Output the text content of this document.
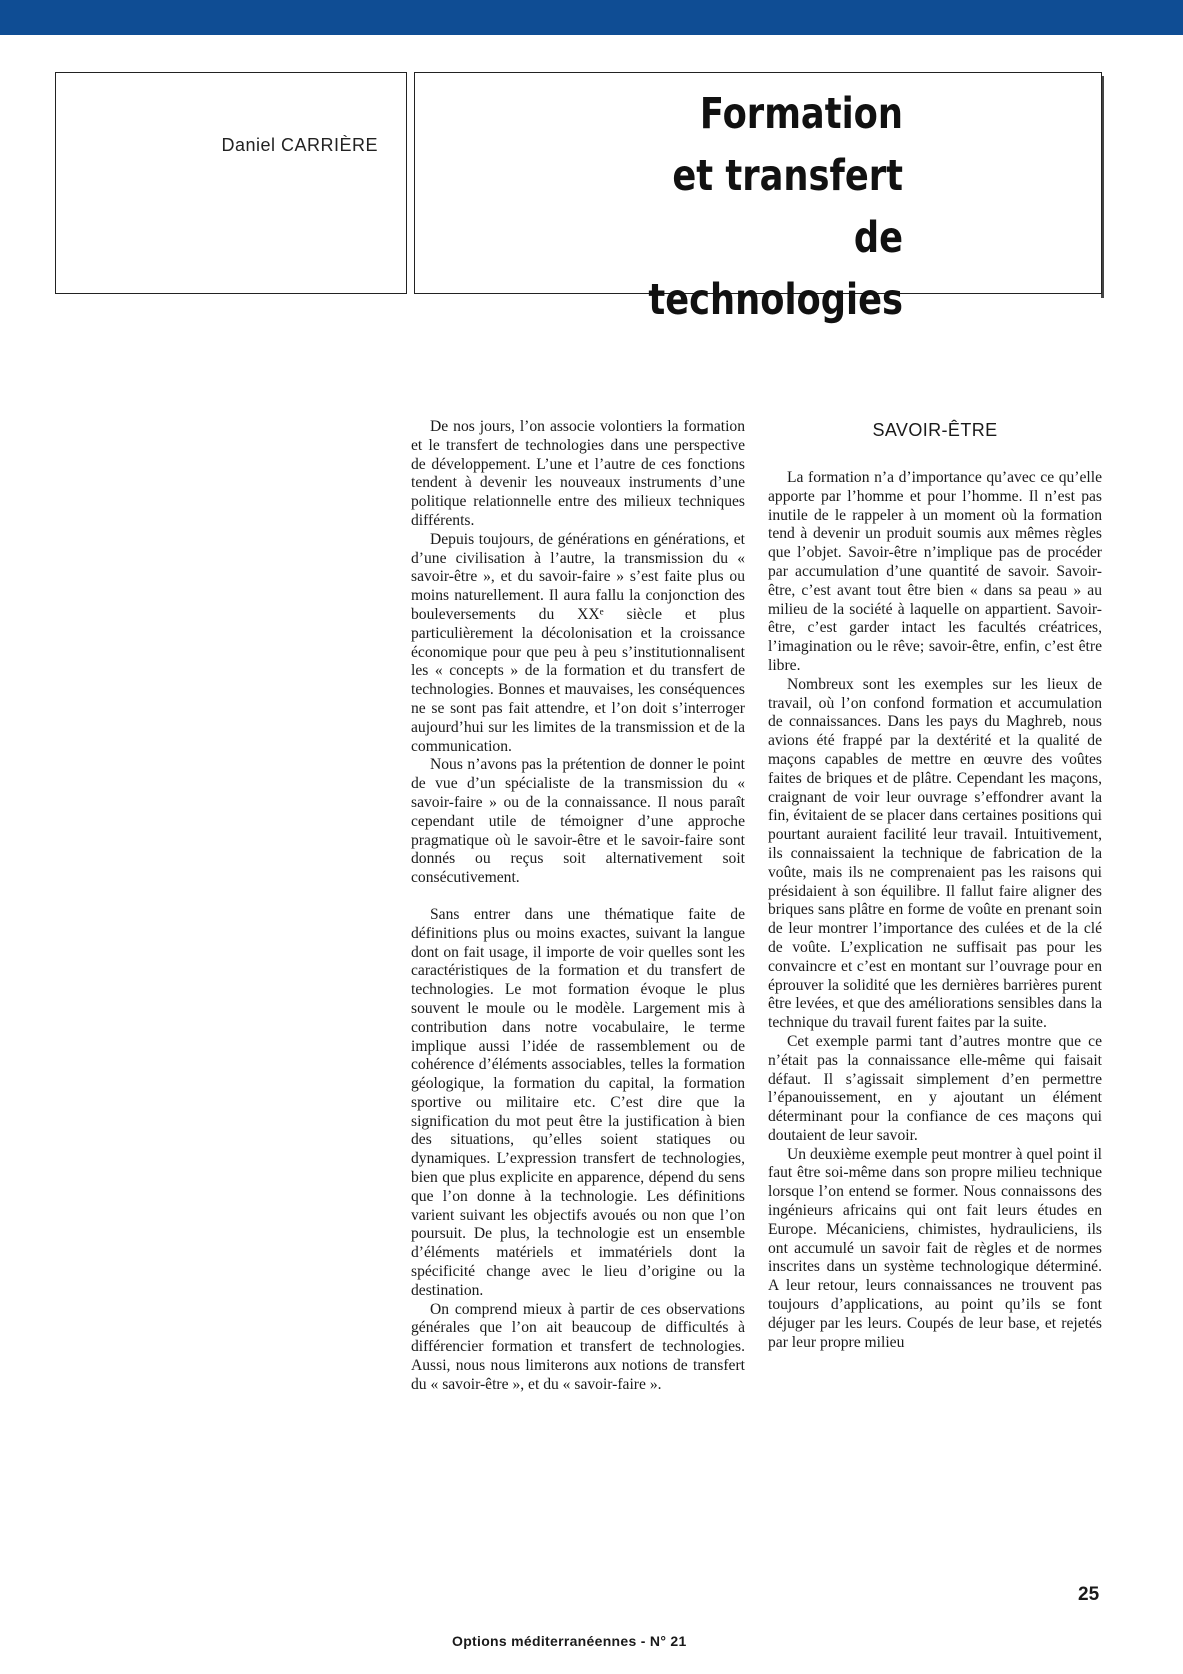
Daniel CARRIÈRE
Formation
et transfert
de technologies

De nos jours, l’on associe volontiers la formation et le transfert de technologies dans une perspective de développement. L’une et l’autre de ces fonctions tendent à devenir les nouveaux instruments d’une politique relationnelle entre des milieux techniques différents.

Depuis toujours, de générations en générations, et d’une civilisation à l’autre, la transmission du « savoir-être », et du savoir-faire » s’est faite plus ou moins naturellement. Il aura fallu la conjonction des bouleversements du XXᵉ siècle et plus particulièrement la décolonisation et la croissance économique pour que peu à peu s’institutionnalisent les « concepts » de la formation et du transfert de technologies. Bonnes et mauvaises, les conséquences ne se sont pas fait attendre, et l’on doit s’interroger aujourd’hui sur les limites de la transmission et de la communication.

Nous n’avons pas la prétention de donner le point de vue d’un spécialiste de la transmission du « savoir-faire » ou de la connaissance. Il nous paraît cependant utile de témoigner d’une approche pragmatique où le savoir-être et le savoir-faire sont donnés ou reçus soit alternativement soit consécutivement.

Sans entrer dans une thématique faite de définitions plus ou moins exactes, suivant la langue dont on fait usage, il importe de voir quelles sont les caractéristiques de la formation et du transfert de technologies. Le mot formation évoque le plus souvent le moule ou le modèle. Largement mis à contribution dans notre vocabulaire, le terme implique aussi l’idée de rassemblement ou de cohérence d’éléments associables, telles la formation géologique, la formation du capital, la formation sportive ou militaire etc. C’est dire que la signification du mot peut être la justification à bien des situations, qu’elles soient statiques ou dynamiques. L’expression transfert de technologies, bien que plus explicite en apparence, dépend du sens que l’on donne à la technologie. Les définitions varient suivant les objectifs avoués ou non que l’on poursuit. De plus, la technologie est un ensemble d’éléments matériels et immatériels dont la spécificité change avec le lieu d’origine ou la destination.

On comprend mieux à partir de ces observations générales que l’on ait beaucoup de difficultés à différencier formation et transfert de technologies. Aussi, nous nous limiterons aux notions de transfert du « savoir-être », et du « savoir-faire ».

SAVOIR-ÊTRE

La formation n’a d’importance qu’avec ce qu’elle apporte par l’homme et pour l’homme. Il n’est pas inutile de le rappeler à un moment où la formation tend à devenir un produit soumis aux mêmes règles que l’objet. Savoir-être n’implique pas de procéder par accumulation d’une quantité de savoir. Savoir-être, c’est avant tout être bien « dans sa peau » au milieu de la société à laquelle on appartient. Savoir-être, c’est garder intact les facultés créatrices, l’imagination ou le rêve; savoir-être, enfin, c’est être libre.

Nombreux sont les exemples sur les lieux de travail, où l’on confond formation et accumulation de connaissances. Dans les pays du Maghreb, nous avions été frappé par la dextérité et la qualité de maçons capables de mettre en œuvre des voûtes faites de briques et de plâtre. Cependant les maçons, craignant de voir leur ouvrage s’effondrer avant la fin, évitaient de se placer dans certaines positions qui pourtant auraient facilité leur travail. Intuitivement, ils connaissaient la technique de fabrication de la voûte, mais ils ne comprenaient pas les raisons qui présidaient à son équilibre. Il fallut faire aligner des briques sans plâtre en forme de voûte en prenant soin de leur montrer l’importance des culées et de la clé de voûte. L’explication ne suffisait pas pour les convaincre et c’est en montant sur l’ouvrage pour en éprouver la solidité que les dernières barrières purent être levées, et que des améliorations sensibles dans la technique du travail furent faites par la suite.

Cet exemple parmi tant d’autres montre que ce n’était pas la connaissance elle-même qui faisait défaut. Il s’agissait simplement d’en permettre l’épanouissement, en y ajoutant un élément déterminant pour la confiance de ces maçons qui doutaient de leur savoir.

Un deuxième exemple peut montrer à quel point il faut être soi-même dans son propre milieu technique lorsque l’on entend se former. Nous connaissons des ingénieurs africains qui ont fait leurs études en Europe. Mécaniciens, chimistes, hydrauliciens, ils ont accumulé un savoir fait de règles et de normes inscrites dans un système technologique déterminé. A leur retour, leurs connaissances ne trouvent pas toujours d’applications, au point qu’ils se font déjuger par les leurs. Coupés de leur base, et rejetés par leur propre milieu

25
Options méditerranéennes - N° 21
